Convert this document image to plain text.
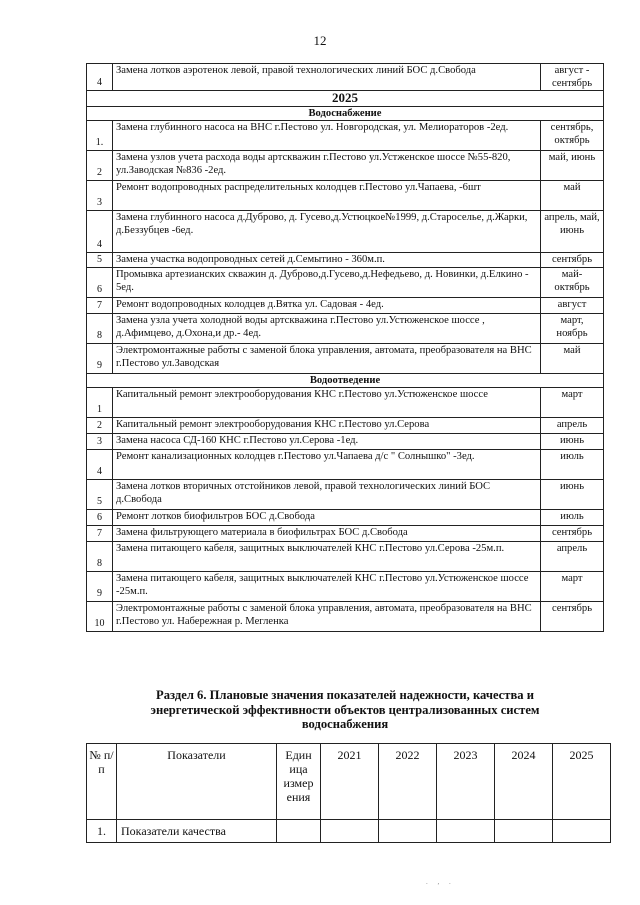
12
4	Замена лотков аэротенок левой, правой технологических линий БОС д.Свобода	август - сентябрь
2025		
Водоснабжение		
1.	Замена глубинного насоса на ВНС г.Пестово ул. Новгородская, ул. Мелиораторов -2ед.	сентябрь, октябрь
2	Замена узлов учета расхода воды артскважин г.Пестово ул.Устженское шоссе №55-820, ул.Заводская №836 -2ед.	май, июнь
3	Ремонт водопроводных распределительных колодцев г.Пестово ул.Чапаева, -6шт	май
4	Замена глубинного насоса д.Дуброво, д. Гусево,д.Устюцкое№1999, д.Старосельe, д.Жарки, д.Беззубцев -6ед.	апрель, май, июнь
5	Замена участка водопроводных сетей д.Семытино - 360м.п.	сентябрь
6	Промывка артезианских скважин д. Дуброво,д.Гусево,д.Нефедьево, д. Новинки, д.Елкино - 5ед.	май- октябрь
7	Ремонт водопроводных колодцев д.Вятка ул. Садовая - 4ед.	август
8	Замена узла учета холодной воды артскважина г.Пестово ул.Устюженское шоссе , д.Афимцево, д.Охона,и др.- 4ед.	март, ноябрь
9	Электромонтажные работы с заменой блока управления, автомата, преобразователя на ВНС г.Пестово ул.Заводская	май
Водоотведение		
1	Капитальный ремонт электрооборудования КНС г.Пестово ул.Устюженское шоссе	март
2	Капитальный ремонт электрооборудования КНС г.Пестово ул.Серова	апрель
3	Замена насоса СД-160 КНС г.Пестово ул.Серова -1ед.	июнь
4	Ремонт канализационных колодцев г.Пестово ул.Чапаева д/с " Солнышко" -3ед.	июль
5	Замена лотков вторичных отстойников левой, правой технологических линий БОС д.Свобода	июнь
6	Ремонт лотков биофильтров БОС д.Свобода	июль
7	Замена фильтрующего материала в биофильтрах БОС д.Свобода	сентябрь
8	Замена питающего кабеля, защитных выключателей КНС г.Пестово ул.Серова -25м.п.	апрель
9	Замена питающего кабеля, защитных выключателей КНС г.Пестово ул.Устюженское шоссе -25м.п.	март
10	Электромонтажные работы с заменой блока управления, автомата, преобразователя на ВНС г.Пестово ул. Набережная р. Мегленка	сентябрь
Раздел 6. Плановые значения показателей надежности, качества и энергетической эффективности объектов централизованных систем водоснабжения
№ п/п	Показатели	Един ица измер ения	2021	2022	2023	2024	2025
1.	Показатели качества						
. , .
